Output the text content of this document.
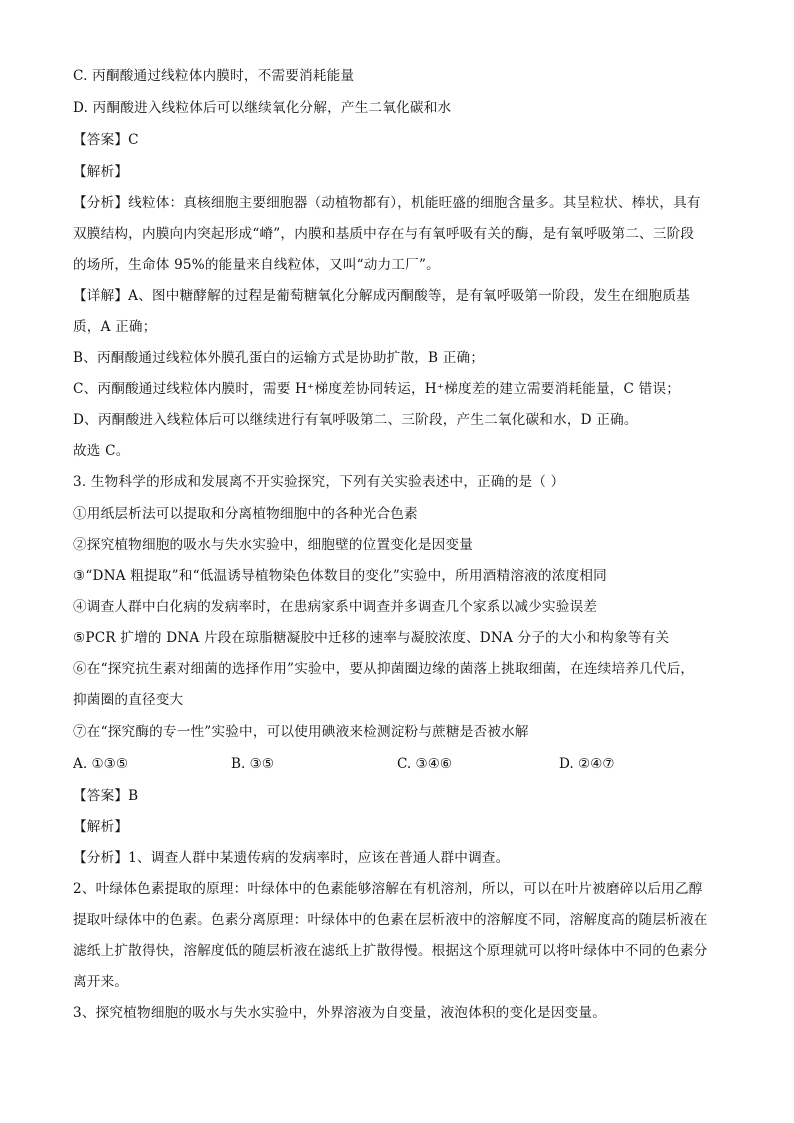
C. 丙酮酸通过线粒体内膜时，不需要消耗能量
D. 丙酮酸进入线粒体后可以继续氧化分解，产生二氧化碳和水
【答案】C
【解析】
【分析】线粒体：真核细胞主要细胞器（动植物都有），机能旺盛的细胞含量多。其呈粒状、棒状，具有
双膜结构，内膜向内突起形成“嵴”，内膜和基质中存在与有氧呼吸有关的酶，是有氧呼吸第二、三阶段
的场所，生命体 95%的能量来自线粒体，又叫“动力工厂”。
【详解】A、图中糖酵解的过程是葡萄糖氧化分解成丙酮酸等，是有氧呼吸第一阶段，发生在细胞质基
质，A 正确；
B、丙酮酸通过线粒体外膜孔蛋白的运输方式是协助扩散，B 正确；
C、丙酮酸通过线粒体内膜时，需要 H⁺梯度差协同转运，H⁺梯度差的建立需要消耗能量，C 错误；
D、丙酮酸进入线粒体后可以继续进行有氧呼吸第二、三阶段，产生二氧化碳和水，D 正确。
故选 C。
3. 生物科学的形成和发展离不开实验探究，下列有关实验表述中，正确的是（ ）
①用纸层析法可以提取和分离植物细胞中的各种光合色素
②探究植物细胞的吸水与失水实验中，细胞壁的位置变化是因变量
③“DNA 粗提取”和“低温诱导植物染色体数目的变化”实验中，所用酒精溶液的浓度相同
④调查人群中白化病的发病率时，在患病家系中调查并多调查几个家系以减少实验误差
⑤PCR 扩增的 DNA 片段在琼脂糖凝胶中迁移的速率与凝胶浓度、DNA 分子的大小和构象等有关
⑥在“探究抗生素对细菌的选择作用”实验中，要从抑菌圈边缘的菌落上挑取细菌，在连续培养几代后，
抑菌圈的直径变大
⑦在“探究酶的专一性”实验中，可以使用碘液来检测淀粉与蔗糖是否被水解
A. ①③⑤	B. ③⑤	C. ③④⑥	D. ②④⑦
【答案】B
【解析】
【分析】1、调查人群中某遗传病的发病率时，应该在普通人群中调查。
2、叶绿体色素提取的原理：叶绿体中的色素能够溶解在有机溶剂，所以，可以在叶片被磨碎以后用乙醇
提取叶绿体中的色素。色素分离原理：叶绿体中的色素在层析液中的溶解度不同，溶解度高的随层析液在
滤纸上扩散得快，溶解度低的随层析液在滤纸上扩散得慢。根据这个原理就可以将叶绿体中不同的色素分
离开来。
3、探究植物细胞的吸水与失水实验中，外界溶液为自变量，液泡体积的变化是因变量。
